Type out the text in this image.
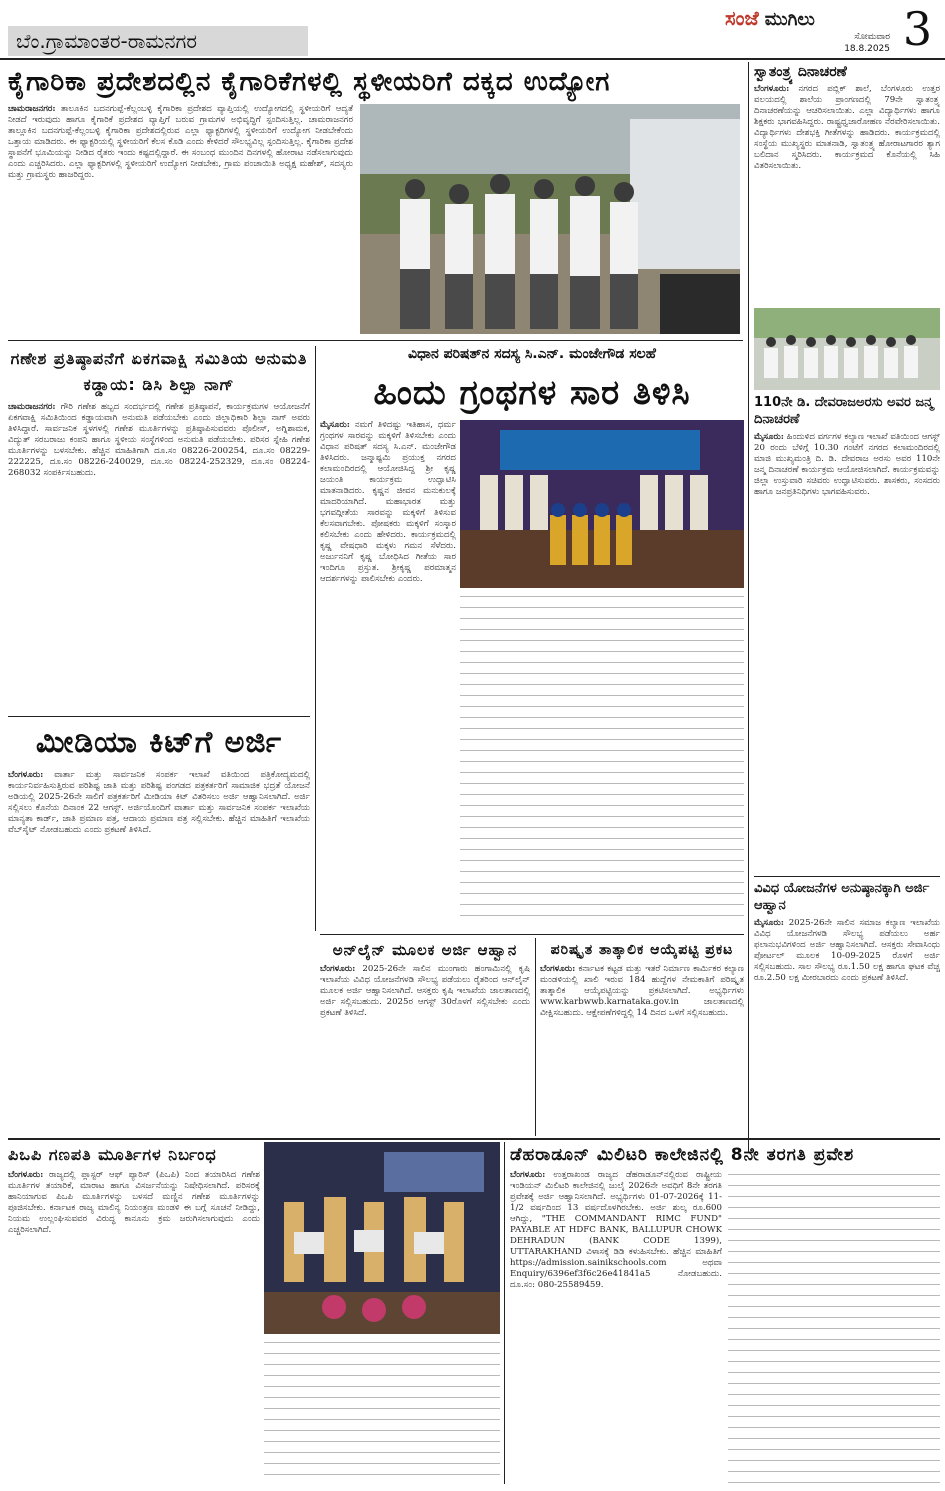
ಬೆಂ.ಗ್ರಾಮಾಂತರ-ರಾಮನಗರ
ಸಂಜೆ ಮುಗಿಲು
ಸೋಮವಾರ
18.8.2025 3
ಕೈಗಾರಿಕಾ ಪ್ರದೇಶದಲ್ಲಿನ ಕೈಗಾರಿಕೆಗಳಲ್ಲಿ ಸ್ಥಳೀಯರಿಗೆ ದಕ್ಕದ ಉದ್ಯೋಗ
ಚಾಮರಾಜನಗರ: ತಾಲೂಕಿನ ಬದನಗುಪ್ಪೆ-ಕೆಲ್ಲಂಬಳ್ಳಿ ಕೈಗಾರಿಕಾ ಪ್ರದೇಶದ ವ್ಯಾಪ್ತಿಯಲ್ಲಿ ಉದ್ಯೋಗದಲ್ಲಿ ಸ್ಥಳೀಯರಿಗೆ ಆದ್ಯತೆ ನೀಡದೆ ಇರುವುದು ಹಾಗೂ ಕೈಗಾರಿಕೆ ಪ್ರದೇಶದ ವ್ಯಾಪ್ತಿಗೆ ಬರುವ ಗ್ರಾಮಗಳ ಅಭಿವೃದ್ಧಿಗೆ ಸ್ಪಂದಿಸುತ್ತಿಲ್ಲ. ಚಾಮರಾಜನಗರ ತಾಲ್ಲೂಕಿನ ಬದನಗುಪ್ಪೆ-ಕೆಲ್ಲಂಬಳ್ಳಿ ಕೈಗಾರಿಕಾ ಪ್ರದೇಶದಲ್ಲಿರುವ ಎಲ್ಲಾ ಫ್ಯಾಕ್ಟರಿಗಳಲ್ಲಿ ಸ್ಥಳೀಯರಿಗೆ ಉದ್ಯೋಗ ನೀಡಬೇಕೆಂದು ಒತ್ತಾಯ ಮಾಡಿದರು. ಈ ಫ್ಯಾಕ್ಟರಿಯಲ್ಲಿ ಸ್ಥಳೀಯರಿಗೆ ಕೆಲಸ ಕೊಡಿ ಎಂದು ಕೇಳಿದರೆ ಸೌಲಭ್ಯವಿಲ್ಲ ಸ್ಪಂದಿಸುತ್ತಿಲ್ಲ. ಕೈಗಾರಿಕಾ ಪ್ರದೇಶ ಸ್ಥಾಪನೆಗೆ ಭೂಮಿಯನ್ನು ನೀಡಿದ ರೈತರು ಇಂದು ಕಷ್ಟದಲ್ಲಿದ್ದಾರೆ. ಈ ಸಂಬಂಧ ಮುಂದಿನ ದಿನಗಳಲ್ಲಿ ಹೋರಾಟ ನಡೆಸಲಾಗುವುದು ಎಂದು ಎಚ್ಚರಿಸಿದರು. ಎಲ್ಲಾ ಫ್ಯಾಕ್ಟರಿಗಳಲ್ಲಿ ಸ್ಥಳೀಯರಿಗೆ ಉದ್ಯೋಗ ನೀಡಬೇಕು, ಗ್ರಾಮ ಪಂಚಾಯಿತಿ ಅಧ್ಯಕ್ಷ ಮಹೇಶ್, ಸದಸ್ಯರು ಮತ್ತು ಗ್ರಾಮಸ್ಥರು ಹಾಜರಿದ್ದರು.
ಸ್ವಾತಂತ್ರ್ಯ ದಿನಾಚರಣೆ
ಬೆಂಗಳೂರು: ನಗರದ ಪಬ್ಲಿಕ್ ಶಾಲೆ, ಬೆಂಗಳೂರು ಉತ್ತರ ವಲಯದಲ್ಲಿ ಶಾಲೆಯ ಪ್ರಾಂಗಣದಲ್ಲಿ 79ನೇ ಸ್ವಾತಂತ್ರ್ಯ ದಿನಾಚರಣೆಯನ್ನು ಆಚರಿಸಲಾಯಿತು. ಎಲ್ಲಾ ವಿದ್ಯಾರ್ಥಿಗಳು ಹಾಗೂ ಶಿಕ್ಷಕರು ಭಾಗವಹಿಸಿದ್ದರು. ರಾಷ್ಟ್ರಧ್ವಜಾರೋಹಣ ನೆರವೇರಿಸಲಾಯಿತು. ವಿದ್ಯಾರ್ಥಿಗಳು ದೇಶಭಕ್ತಿ ಗೀತೆಗಳನ್ನು ಹಾಡಿದರು. ಕಾರ್ಯಕ್ರಮದಲ್ಲಿ ಸಂಸ್ಥೆಯ ಮುಖ್ಯಸ್ಥರು ಮಾತನಾಡಿ, ಸ್ವಾತಂತ್ರ್ಯ ಹೋರಾಟಗಾರರ ತ್ಯಾಗ ಬಲಿದಾನ ಸ್ಮರಿಸಿದರು. ಕಾರ್ಯಕ್ರಮದ ಕೊನೆಯಲ್ಲಿ ಸಿಹಿ ವಿತರಿಸಲಾಯಿತು.
110ನೇ ಡಿ. ದೇವರಾಜಅರಸು ಅವರ ಜನ್ಮ ದಿನಾಚರಣೆ
ಮೈಸೂರು: ಹಿಂದುಳಿದ ವರ್ಗಗಳ ಕಲ್ಯಾಣ ಇಲಾಖೆ ವತಿಯಿಂದ ಆಗಸ್ಟ್ 20 ರಂದು ಬೆಳಿಗ್ಗೆ 10.30 ಗಂಟೆಗೆ ನಗರದ ಕಲಾಮಂದಿರದಲ್ಲಿ ಮಾಜಿ ಮುಖ್ಯಮಂತ್ರಿ ದಿ. ಡಿ. ದೇವರಾಜ ಅರಸು ಅವರ 110ನೇ ಜನ್ಮ ದಿನಾಚರಣೆ ಕಾರ್ಯಕ್ರಮ ಆಯೋಜಿಸಲಾಗಿದೆ. ಕಾರ್ಯಕ್ರಮವನ್ನು ಜಿಲ್ಲಾ ಉಸ್ತುವಾರಿ ಸಚಿವರು ಉದ್ಘಾಟಿಸುವರು. ಶಾಸಕರು, ಸಂಸದರು ಹಾಗೂ ಜನಪ್ರತಿನಿಧಿಗಳು ಭಾಗವಹಿಸುವರು.
ವಿವಿಧ ಯೋಜನೆಗಳ ಅನುಷ್ಠಾನಕ್ಕಾಗಿ ಅರ್ಜಿ ಆಹ್ವಾನ
ಮೈಸೂರು: 2025-26ನೇ ಸಾಲಿನ ಸಮಾಜ ಕಲ್ಯಾಣ ಇಲಾಖೆಯ ವಿವಿಧ ಯೋಜನೆಗಳಡಿ ಸೌಲಭ್ಯ ಪಡೆಯಲು ಅರ್ಹ ಫಲಾನುಭವಿಗಳಿಂದ ಅರ್ಜಿ ಆಹ್ವಾನಿಸಲಾಗಿದೆ. ಆಸಕ್ತರು ಸೇವಾಸಿಂಧು ಪೋರ್ಟಲ್ ಮೂಲಕ 10-09-2025 ರೊಳಗೆ ಅರ್ಜಿ ಸಲ್ಲಿಸಬಹುದು. ಸಾಲ ಸೌಲಭ್ಯ ರೂ.1.50 ಲಕ್ಷ ಹಾಗೂ ಘಟಕ ವೆಚ್ಚ ರೂ.2.50 ಲಕ್ಷ ಮೀರಬಾರದು ಎಂದು ಪ್ರಕಟಣೆ ತಿಳಿಸಿದೆ.
ಗಣೇಶ ಪ್ರತಿಷ್ಠಾಪನೆಗೆ ಏಕಗವಾಕ್ಷಿ ಸಮಿತಿಯ ಅನುಮತಿ ಕಡ್ಡಾಯ: ಡಿಸಿ ಶಿಲ್ಪಾ ನಾಗ್
ಚಾಮರಾಜನಗರ: ಗೌರಿ ಗಣೇಶ ಹಬ್ಬದ ಸಂದರ್ಭದಲ್ಲಿ ಗಣೇಶ ಪ್ರತಿಷ್ಠಾಪನೆ, ಕಾರ್ಯಕ್ರಮಗಳ ಆಯೋಜನೆಗೆ ಏಕಗವಾಕ್ಷಿ ಸಮಿತಿಯಿಂದ ಕಡ್ಡಾಯವಾಗಿ ಅನುಮತಿ ಪಡೆಯಬೇಕು ಎಂದು ಜಿಲ್ಲಾಧಿಕಾರಿ ಶಿಲ್ಪಾ ನಾಗ್ ಅವರು ತಿಳಿಸಿದ್ದಾರೆ. ಸಾರ್ವಜನಿಕ ಸ್ಥಳಗಳಲ್ಲಿ ಗಣೇಶ ಮೂರ್ತಿಗಳನ್ನು ಪ್ರತಿಷ್ಠಾಪಿಸುವವರು ಪೊಲೀಸ್, ಅಗ್ನಿಶಾಮಕ, ವಿದ್ಯುತ್ ಸರಬರಾಜು ಕಂಪನಿ ಹಾಗೂ ಸ್ಥಳೀಯ ಸಂಸ್ಥೆಗಳಿಂದ ಅನುಮತಿ ಪಡೆಯಬೇಕು. ಪರಿಸರ ಸ್ನೇಹಿ ಗಣೇಶ ಮೂರ್ತಿಗಳನ್ನು ಬಳಸಬೇಕು. ಹೆಚ್ಚಿನ ಮಾಹಿತಿಗಾಗಿ ದೂ.ಸಂ 08226-200254, ದೂ.ಸಂ 08229-222225, ದೂ.ಸಂ 08226-240029, ದೂ.ಸಂ 08224-252329, ದೂ.ಸಂ 08224-268032 ಸಂಪರ್ಕಿಸಬಹುದು.
ವಿಧಾನ ಪರಿಷತ್‌ನ ಸದಸ್ಯ ಸಿ.ಎನ್. ಮಂಜೇಗೌಡ ಸಲಹೆ
ಹಿಂದು ಗ್ರಂಥಗಳ ಸಾರ ತಿಳಿಸಿ
ಮೈಸೂರು: ನಮಗೆ ತಿಳಿದಷ್ಟು ಇತಿಹಾಸ, ಧರ್ಮ ಗ್ರಂಥಗಳ ಸಾರವನ್ನು ಮಕ್ಕಳಿಗೆ ತಿಳಿಸಬೇಕು ಎಂದು ವಿಧಾನ ಪರಿಷತ್ ಸದಸ್ಯ ಸಿ.ಎನ್. ಮಂಜೇಗೌಡ ತಿಳಿಸಿದರು. ಜನ್ಮಾಷ್ಟಮಿ ಪ್ರಯುಕ್ತ ನಗರದ ಕಲಾಮಂದಿರದಲ್ಲಿ ಆಯೋಜಿಸಿದ್ದ ಶ್ರೀ ಕೃಷ್ಣ ಜಯಂತಿ ಕಾರ್ಯಕ್ರಮ ಉದ್ಘಾಟಿಸಿ ಮಾತನಾಡಿದರು. ಕೃಷ್ಣನ ಜೀವನ ಮನುಕುಲಕ್ಕೆ ಮಾದರಿಯಾಗಿದೆ. ಮಹಾಭಾರತ ಮತ್ತು ಭಗವದ್ಗೀತೆಯ ಸಾರವನ್ನು ಮಕ್ಕಳಿಗೆ ತಿಳಿಸುವ ಕೆಲಸವಾಗಬೇಕು. ಪೋಷಕರು ಮಕ್ಕಳಿಗೆ ಸಂಸ್ಕಾರ ಕಲಿಸಬೇಕು ಎಂದು ಹೇಳಿದರು. ಕಾರ್ಯಕ್ರಮದಲ್ಲಿ ಕೃಷ್ಣ ವೇಷಧಾರಿ ಮಕ್ಕಳು ಗಮನ ಸೆಳೆದರು. ಅರ್ಜುನನಿಗೆ ಕೃಷ್ಣ ಬೋಧಿಸಿದ ಗೀತೆಯ ಸಾರ ಇಂದಿಗೂ ಪ್ರಸ್ತುತ. ಶ್ರೀಕೃಷ್ಣ ಪರಮಾತ್ಮನ ಆದರ್ಶಗಳನ್ನು ಪಾಲಿಸಬೇಕು ಎಂದರು.
ಮೀಡಿಯಾ ಕಿಟ್‌ಗೆ ಅರ್ಜಿ
ಬೆಂಗಳೂರು: ವಾರ್ತಾ ಮತ್ತು ಸಾರ್ವಜನಿಕ ಸಂಪರ್ಕ ಇಲಾಖೆ ವತಿಯಿಂದ ಪತ್ರಿಕೋದ್ಯಮದಲ್ಲಿ ಕಾರ್ಯನಿರ್ವಹಿಸುತ್ತಿರುವ ಪರಿಶಿಷ್ಟ ಜಾತಿ ಮತ್ತು ಪರಿಶಿಷ್ಟ ಪಂಗಡದ ಪತ್ರಕರ್ತರಿಗೆ ಸಾಮಾಜಿಕ ಭದ್ರತೆ ಯೋಜನೆ ಅಡಿಯಲ್ಲಿ 2025-26ನೇ ಸಾಲಿಗೆ ಪತ್ರಕರ್ತರಿಗೆ ಮೀಡಿಯಾ ಕಿಟ್ ವಿತರಿಸಲು ಅರ್ಜಿ ಆಹ್ವಾನಿಸಲಾಗಿದೆ. ಅರ್ಜಿ ಸಲ್ಲಿಸಲು ಕೊನೆಯ ದಿನಾಂಕ 22 ಆಗಸ್ಟ್. ಅರ್ಜಿಯೊಂದಿಗೆ ವಾರ್ತಾ ಮತ್ತು ಸಾರ್ವಜನಿಕ ಸಂಪರ್ಕ ಇಲಾಖೆಯ ಮಾನ್ಯತಾ ಕಾರ್ಡ್, ಜಾತಿ ಪ್ರಮಾಣ ಪತ್ರ, ಆದಾಯ ಪ್ರಮಾಣ ಪತ್ರ ಸಲ್ಲಿಸಬೇಕು. ಹೆಚ್ಚಿನ ಮಾಹಿತಿಗೆ ಇಲಾಖೆಯ ವೆಬ್‌ಸೈಟ್ ನೋಡಬಹುದು ಎಂದು ಪ್ರಕಟಣೆ ತಿಳಿಸಿದೆ.
ಅನ್‌ಲೈನ್ ಮೂಲಕ ಅರ್ಜಿ ಆಹ್ವಾನ
ಬೆಂಗಳೂರು: 2025-26ನೇ ಸಾಲಿನ ಮುಂಗಾರು ಹಂಗಾಮಿನಲ್ಲಿ ಕೃಷಿ ಇಲಾಖೆಯ ವಿವಿಧ ಯೋಜನೆಗಳಡಿ ಸೌಲಭ್ಯ ಪಡೆಯಲು ರೈತರಿಂದ ಆನ್‌ಲೈನ್ ಮೂಲಕ ಅರ್ಜಿ ಆಹ್ವಾನಿಸಲಾಗಿದೆ. ಆಸಕ್ತರು ಕೃಷಿ ಇಲಾಖೆಯ ಜಾಲತಾಣದಲ್ಲಿ ಅರ್ಜಿ ಸಲ್ಲಿಸಬಹುದು. 2025ರ ಆಗಸ್ಟ್ 30ರೊಳಗೆ ಸಲ್ಲಿಸಬೇಕು ಎಂದು ಪ್ರಕಟಣೆ ತಿಳಿಸಿದೆ.
ಪರಿಷ್ಕೃತ ತಾತ್ಕಾಲಿಕ ಆಯ್ಕೆಪಟ್ಟಿ ಪ್ರಕಟ
ಬೆಂಗಳೂರು: ಕರ್ನಾಟಕ ಕಟ್ಟಡ ಮತ್ತು ಇತರೆ ನಿರ್ಮಾಣ ಕಾರ್ಮಿಕರ ಕಲ್ಯಾಣ ಮಂಡಳಿಯಲ್ಲಿ ಖಾಲಿ ಇರುವ 184 ಹುದ್ದೆಗಳ ನೇಮಕಾತಿಗೆ ಪರಿಷ್ಕೃತ ತಾತ್ಕಾಲಿಕ ಆಯ್ಕೆಪಟ್ಟಿಯನ್ನು ಪ್ರಕಟಿಸಲಾಗಿದೆ. ಅಭ್ಯರ್ಥಿಗಳು www.karbwwb.karnataka.gov.in ಜಾಲತಾಣದಲ್ಲಿ ವೀಕ್ಷಿಸಬಹುದು. ಆಕ್ಷೇಪಣೆಗಳಿದ್ದಲ್ಲಿ 14 ದಿನದ ಒಳಗೆ ಸಲ್ಲಿಸಬಹುದು.
ಪಿಒಪಿ ಗಣಪತಿ ಮೂರ್ತಿಗಳ ನಿರ್ಬಂಧ
ಬೆಂಗಳೂರು: ರಾಜ್ಯದಲ್ಲಿ ಪ್ಲಾಸ್ಟರ್ ಆಫ್ ಪ್ಯಾರಿಸ್ (ಪಿಒಪಿ) ನಿಂದ ತಯಾರಿಸಿದ ಗಣೇಶ ಮೂರ್ತಿಗಳ ತಯಾರಿಕೆ, ಮಾರಾಟ ಹಾಗೂ ವಿಸರ್ಜನೆಯನ್ನು ನಿಷೇಧಿಸಲಾಗಿದೆ. ಪರಿಸರಕ್ಕೆ ಹಾನಿಯಾಗುವ ಪಿಒಪಿ ಮೂರ್ತಿಗಳನ್ನು ಬಳಸದೆ ಮಣ್ಣಿನ ಗಣೇಶ ಮೂರ್ತಿಗಳನ್ನು ಪೂಜಿಸಬೇಕು. ಕರ್ನಾಟಕ ರಾಜ್ಯ ಮಾಲಿನ್ಯ ನಿಯಂತ್ರಣ ಮಂಡಳಿ ಈ ಬಗ್ಗೆ ಸೂಚನೆ ನೀಡಿದ್ದು, ನಿಯಮ ಉಲ್ಲಂಘಿಸುವವರ ವಿರುದ್ಧ ಕಾನೂನು ಕ್ರಮ ಜರುಗಿಸಲಾಗುವುದು ಎಂದು ಎಚ್ಚರಿಸಲಾಗಿದೆ.
ಡೆಹರಾಡೂನ್ ಮಿಲಿಟರಿ ಕಾಲೇಜಿನಲ್ಲಿ 8ನೇ ತರಗತಿ ಪ್ರವೇಶ
ಬೆಂಗಳೂರು: ಉತ್ತರಾಖಂಡ ರಾಜ್ಯದ ಡೆಹರಾಡೂನ್‌ನಲ್ಲಿರುವ ರಾಷ್ಟ್ರೀಯ ಇಂಡಿಯನ್ ಮಿಲಿಟರಿ ಕಾಲೇಜಿನಲ್ಲಿ ಜುಲೈ 2026ನೇ ಅವಧಿಗೆ 8ನೇ ತರಗತಿ ಪ್ರವೇಶಕ್ಕೆ ಅರ್ಜಿ ಆಹ್ವಾನಿಸಲಾಗಿದೆ. ಅಭ್ಯರ್ಥಿಗಳು 01-07-2026ಕ್ಕೆ 11-1/2 ವರ್ಷದಿಂದ 13 ವರ್ಷದೊಳಗಿರಬೇಕು. ಅರ್ಜಿ ಶುಲ್ಕ ರೂ.600 ಆಗಿದ್ದು, "THE COMMANDANT RIMC FUND" PAYABLE AT HDFC BANK, BALLUPUR CHOWK DEHRADUN (BANK CODE 1399), UTTARAKHAND ವಿಳಾಸಕ್ಕೆ ಡಿಡಿ ಕಳುಹಿಸಬೇಕು. ಹೆಚ್ಚಿನ ಮಾಹಿತಿಗೆ https://admission.sainikschools.com ಅಥವಾ Enquiry/6396ef3f6c26e41841a5 ನೋಡಬಹುದು. ದೂ.ಸಂ: 080-25589459.
